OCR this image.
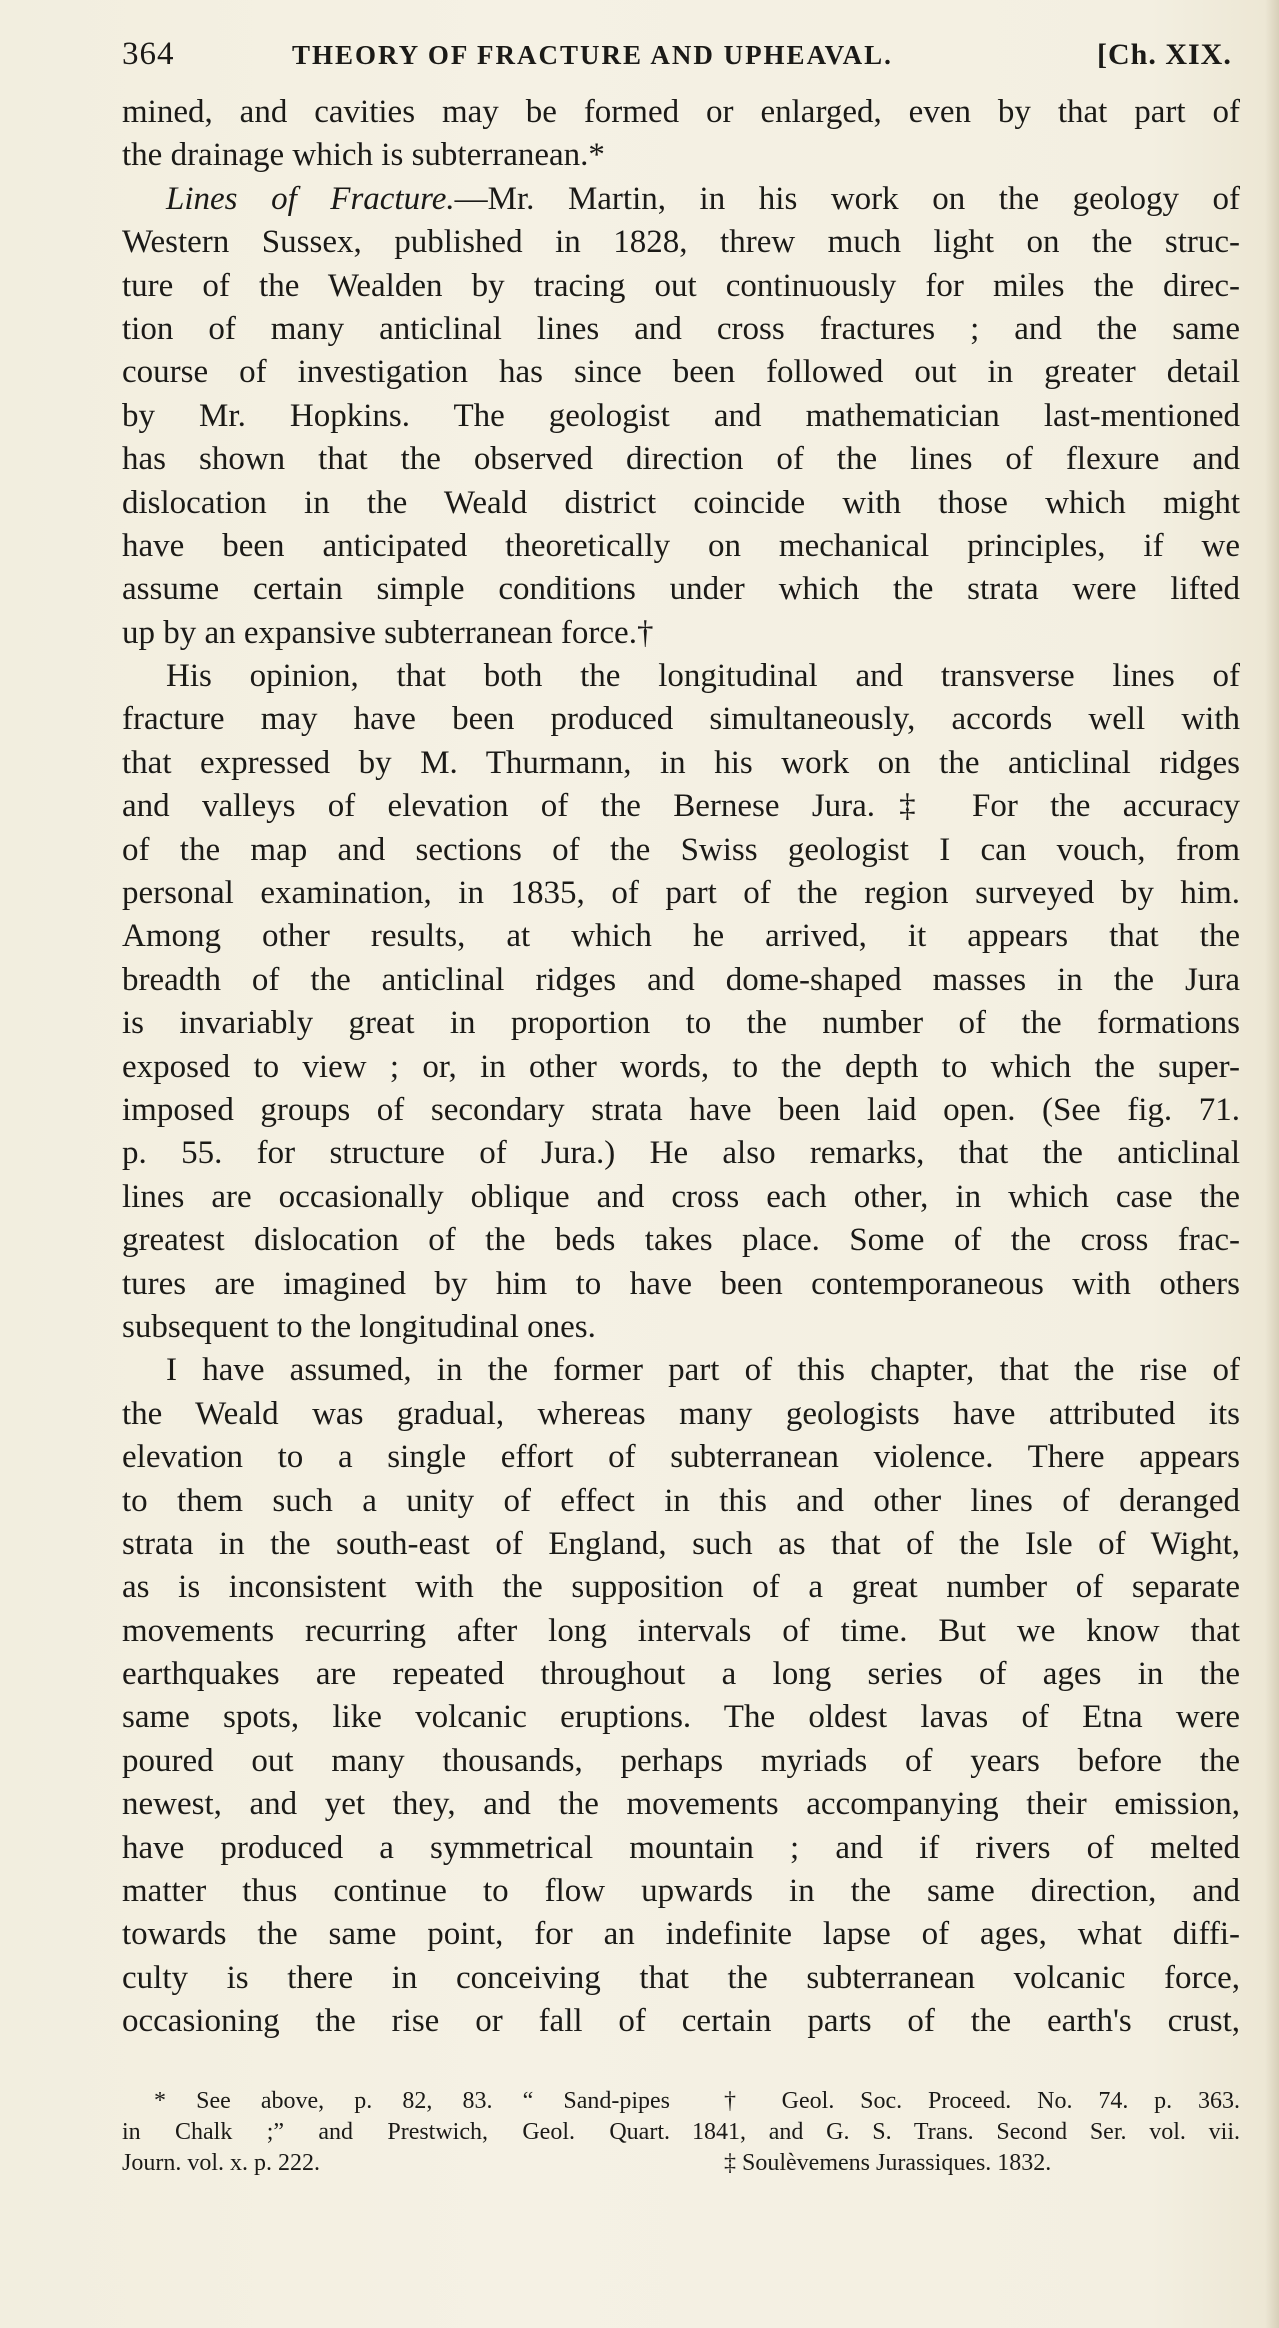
364	THEORY OF FRACTURE AND UPHEAVAL.	[Ch. XIX.
mined, and cavities may be formed or enlarged, even by that part of
the drainage which is subterranean.*
Lines of Fracture.—Mr. Martin, in his work on the geology of
Western Sussex, published in 1828, threw much light on the struc-
ture of the Wealden by tracing out continuously for miles the direc-
tion of many anticlinal lines and cross fractures ; and the same
course of investigation has since been followed out in greater detail
by Mr. Hopkins. The geologist and mathematician last-mentioned
has shown that the observed direction of the lines of flexure and
dislocation in the Weald district coincide with those which might
have been anticipated theoretically on mechanical principles, if we
assume certain simple conditions under which the strata were lifted
up by an expansive subterranean force.†
His opinion, that both the longitudinal and transverse lines of
fracture may have been produced simultaneously, accords well with
that expressed by M. Thurmann, in his work on the anticlinal ridges
and valleys of elevation of the Bernese Jura.‡ For the accuracy
of the map and sections of the Swiss geologist I can vouch, from
personal examination, in 1835, of part of the region surveyed by him.
Among other results, at which he arrived, it appears that the
breadth of the anticlinal ridges and dome-shaped masses in the Jura
is invariably great in proportion to the number of the formations
exposed to view ; or, in other words, to the depth to which the super-
imposed groups of secondary strata have been laid open. (See fig. 71.
p. 55. for structure of Jura.) He also remarks, that the anticlinal
lines are occasionally oblique and cross each other, in which case the
greatest dislocation of the beds takes place. Some of the cross frac-
tures are imagined by him to have been contemporaneous with others
subsequent to the longitudinal ones.
I have assumed, in the former part of this chapter, that the rise of
the Weald was gradual, whereas many geologists have attributed its
elevation to a single effort of subterranean violence. There appears
to them such a unity of effect in this and other lines of deranged
strata in the south-east of England, such as that of the Isle of Wight,
as is inconsistent with the supposition of a great number of separate
movements recurring after long intervals of time. But we know that
earthquakes are repeated throughout a long series of ages in the
same spots, like volcanic eruptions. The oldest lavas of Etna were
poured out many thousands, perhaps myriads of years before the
newest, and yet they, and the movements accompanying their emission,
have produced a symmetrical mountain ; and if rivers of melted
matter thus continue to flow upwards in the same direction, and
towards the same point, for an indefinite lapse of ages, what diffi-
culty is there in conceiving that the subterranean volcanic force,
occasioning the rise or fall of certain parts of the earth's crust,
* See above, p. 82, 83. “ Sand-pipes
in Chalk ;” and Prestwich, Geol. Quart.
Journ. vol. x. p. 222.
† Geol. Soc. Proceed. No. 74. p. 363.
1841, and G. S. Trans. Second Ser. vol. vii.
‡ Soulèvemens Jurassiques. 1832.
